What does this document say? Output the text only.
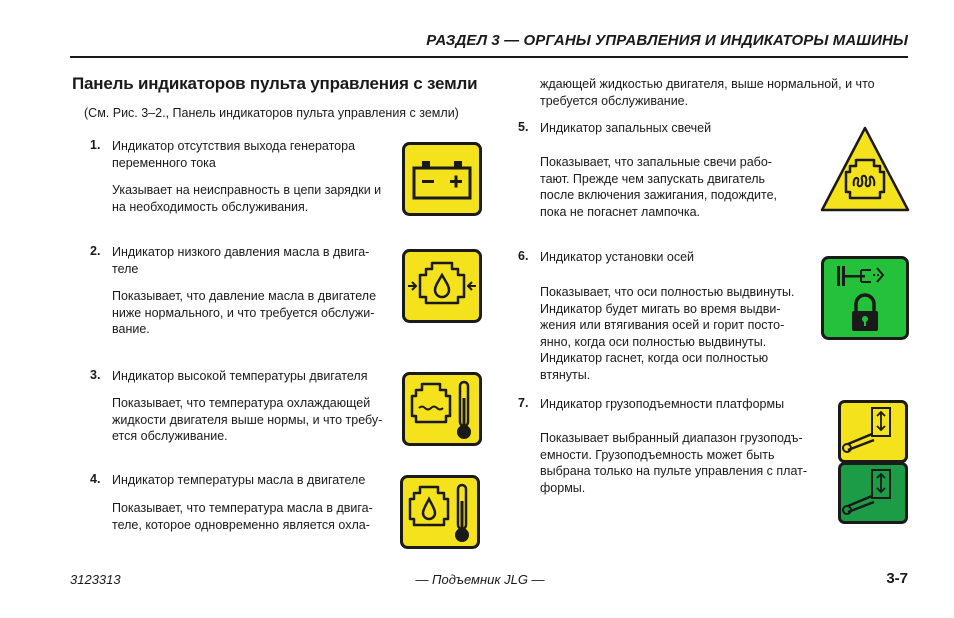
РАЗДЕЛ 3 — ОРГАНЫ УПРАВЛЕНИЯ И ИНДИКАТОРЫ МАШИНЫ
Панель индикаторов пульта управления с земли
(См. Рис. 3–2., Панель индикаторов пульта управления с земли)
1. Индикатор отсутствия выхода генератора
переменного тока
Указывает на неисправность в цепи зарядки и
на необходимость обслуживания.
2. Индикатор низкого давления масла в двига-
теле
Показывает, что давление масла в двигателе
ниже нормального, и что требуется обслужи-
вание.
3. Индикатор высокой температуры двигателя
Показывает, что температура охлаждающей
жидкости двигателя выше нормы, и что требу-
ется обслуживание.
4. Индикатор температуры масла в двигателе
Показывает, что температура масла в двига-
теле, которое одновременно является охла-
ждающей жидкостью двигателя, выше нормальной, и что
требуется обслуживание.
5. Индикатор запальных свечей
Показывает, что запальные свечи рабо-
тают. Прежде чем запускать двигатель
после включения зажигания, подождите,
пока не погаснет лампочка.
6. Индикатор установки осей
Показывает, что оси полностью выдвинуты.
Индикатор будет мигать во время выдви-
жения или втягивания осей и горит посто-
янно, когда оси полностью выдвинуты.
Индикатор гаснет, когда оси полностью
втянуты.
7. Индикатор грузоподъемности платформы
Показывает выбранный диапазон грузоподъ-
емности. Грузоподъемность может быть
выбрана только на пульте управления с плат-
формы.
3123313	— Подъемник JLG —	3-7
